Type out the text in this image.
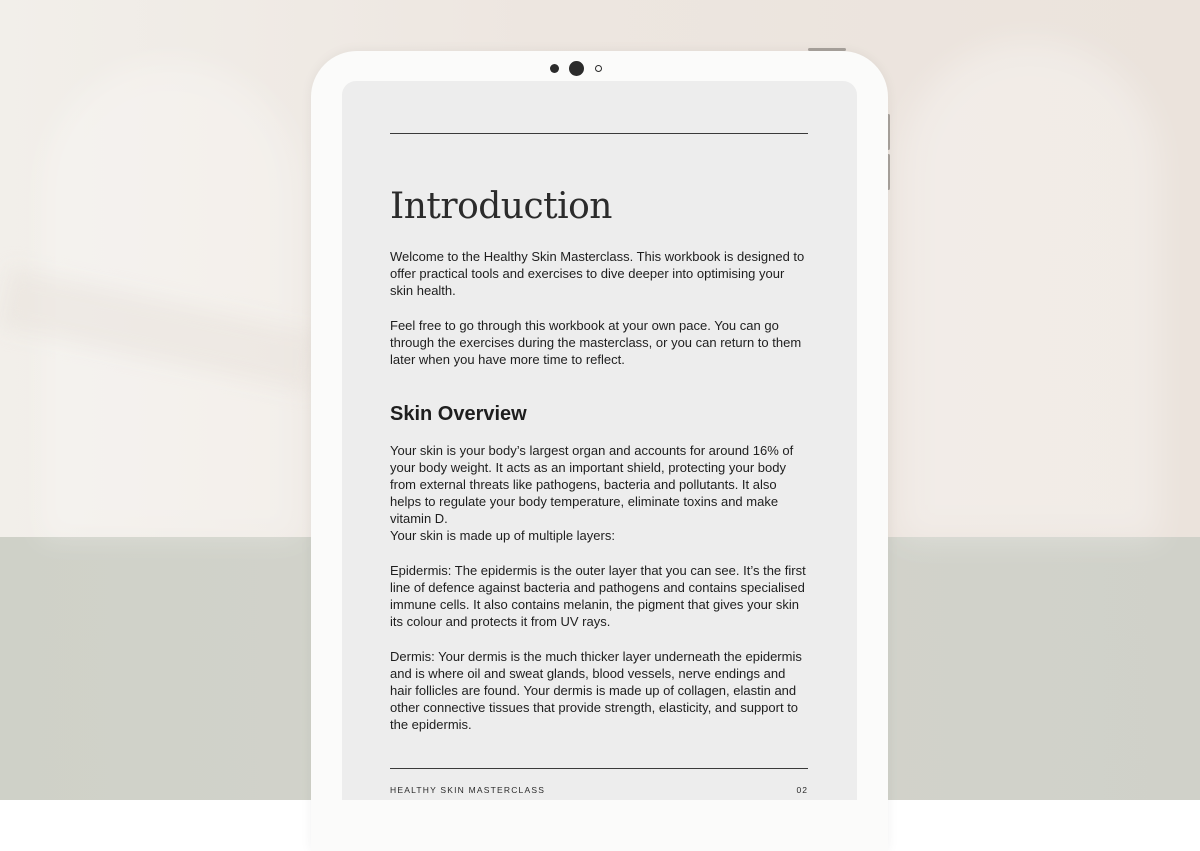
Introduction

Welcome to the Healthy Skin Masterclass. This workbook is designed to offer practical tools and exercises to dive deeper into optimising your skin health.

Feel free to go through this workbook at your own pace. You can go through the exercises during the masterclass, or you can return to them later when you have more time to reflect.

Skin Overview

Your skin is your body’s largest organ and accounts for around 16% of your body weight. It acts as an important shield, protecting your body from external threats like pathogens, bacteria and pollutants. It also helps to regulate your body temperature, eliminate toxins and make vitamin D.

Your skin is made up of multiple layers:

Epidermis: The epidermis is the outer layer that you can see. It’s the first line of defence against bacteria and pathogens and contains specialised immune cells. It also contains melanin, the pigment that gives your skin its colour and protects it from UV rays.

Dermis: Your dermis is the much thicker layer underneath the epidermis and is where oil and sweat glands, blood vessels, nerve endings and hair follicles are found. Your dermis is made up of collagen, elastin and other connective tissues that provide strength, elasticity, and support to the epidermis.

HEALTHY SKIN MASTERCLASS	02
